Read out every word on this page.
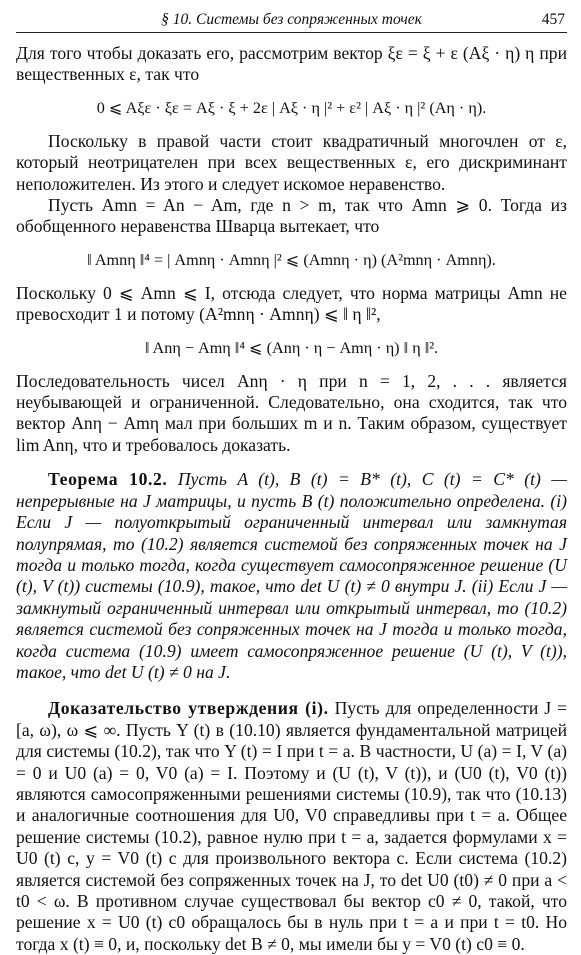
§ 10. Системы без сопряженных точек	457

Для того чтобы доказать его, рассмотрим вектор ξε = ξ + ε (Aξ · η) η при вещественных ε, так что

0 ⩽ Aξε · ξε = Aξ · ξ + 2ε | Aξ · η |² + ε² | Aξ · η |² (Aη · η).

Поскольку в правой части стоит квадратичный многочлен от ε, который неотрицателен при всех вещественных ε, его дискриминант неположителен. Из этого и следует искомое неравенство.

Пусть Amn = An − Am, где n > m, так что Amn ⩾ 0. Тогда из обобщенного неравенства Шварца вытекает, что

‖ Amnη ‖⁴ = | Amnη · Amnη |² ⩽ (Amnη · η) (A²mnη · Amnη).

Поскольку 0 ⩽ Amn ⩽ I, отсюда следует, что норма матрицы Amn не превосходит 1 и потому (A²mnη · Amnη) ⩽ ‖ η ‖²,

‖ Anη − Amη ‖⁴ ⩽ (Anη · η − Amη · η) ‖ η ‖².

Последовательность чисел Anη · η при n = 1, 2, . . . является неубывающей и ограниченной. Следовательно, она сходится, так что вектор Anη − Amη мал при больших m и n. Таким образом, существует lim Anη, что и требовалось доказать.

Теорема 10.2. Пусть A (t), B (t) = B* (t), C (t) = C* (t) — непрерывные на J матрицы, и пусть B (t) положительно определена. (i) Если J — полуоткрытый ограниченный интервал или замкнутая полупрямая, то (10.2) является системой без сопряженных точек на J тогда и только тогда, когда существует самосопряженное решение (U (t), V (t)) системы (10.9), такое, что det U (t) ≠ 0 внутри J. (ii) Если J — замкнутый ограниченный интервал или открытый интервал, то (10.2) является системой без сопряженных точек на J тогда и только тогда, когда система (10.9) имеет самосопряженное решение (U (t), V (t)), такое, что det U (t) ≠ 0 на J.

Доказательство утверждения (i). Пусть для определенности J = [a, ω), ω ⩽ ∞. Пусть Y (t) в (10.10) является фундаментальной матрицей для системы (10.2), так что Y (t) = I при t = a. В частности, U (a) = I, V (a) = 0 и U0 (a) = 0, V0 (a) = I. Поэтому и (U (t), V (t)), и (U0 (t), V0 (t)) являются самосопряженными решениями системы (10.9), так что (10.13) и аналогичные соотношения для U0, V0 справедливы при t = a. Общее решение системы (10.2), равное нулю при t = a, задается формулами x = U0 (t) c, y = V0 (t) c для произвольного вектора c. Если система (10.2) является системой без сопряженных точек на J, то det U0 (t0) ≠ 0 при a < t0 < ω. В противном случае существовал бы вектор c0 ≠ 0, такой, что решение x = U0 (t) c0 обращалось бы в нуль при t = a и при t = t0. Но тогда x (t) ≡ 0, и, поскольку det B ≠ 0, мы имели бы y = V0 (t) c0 ≡ 0.
